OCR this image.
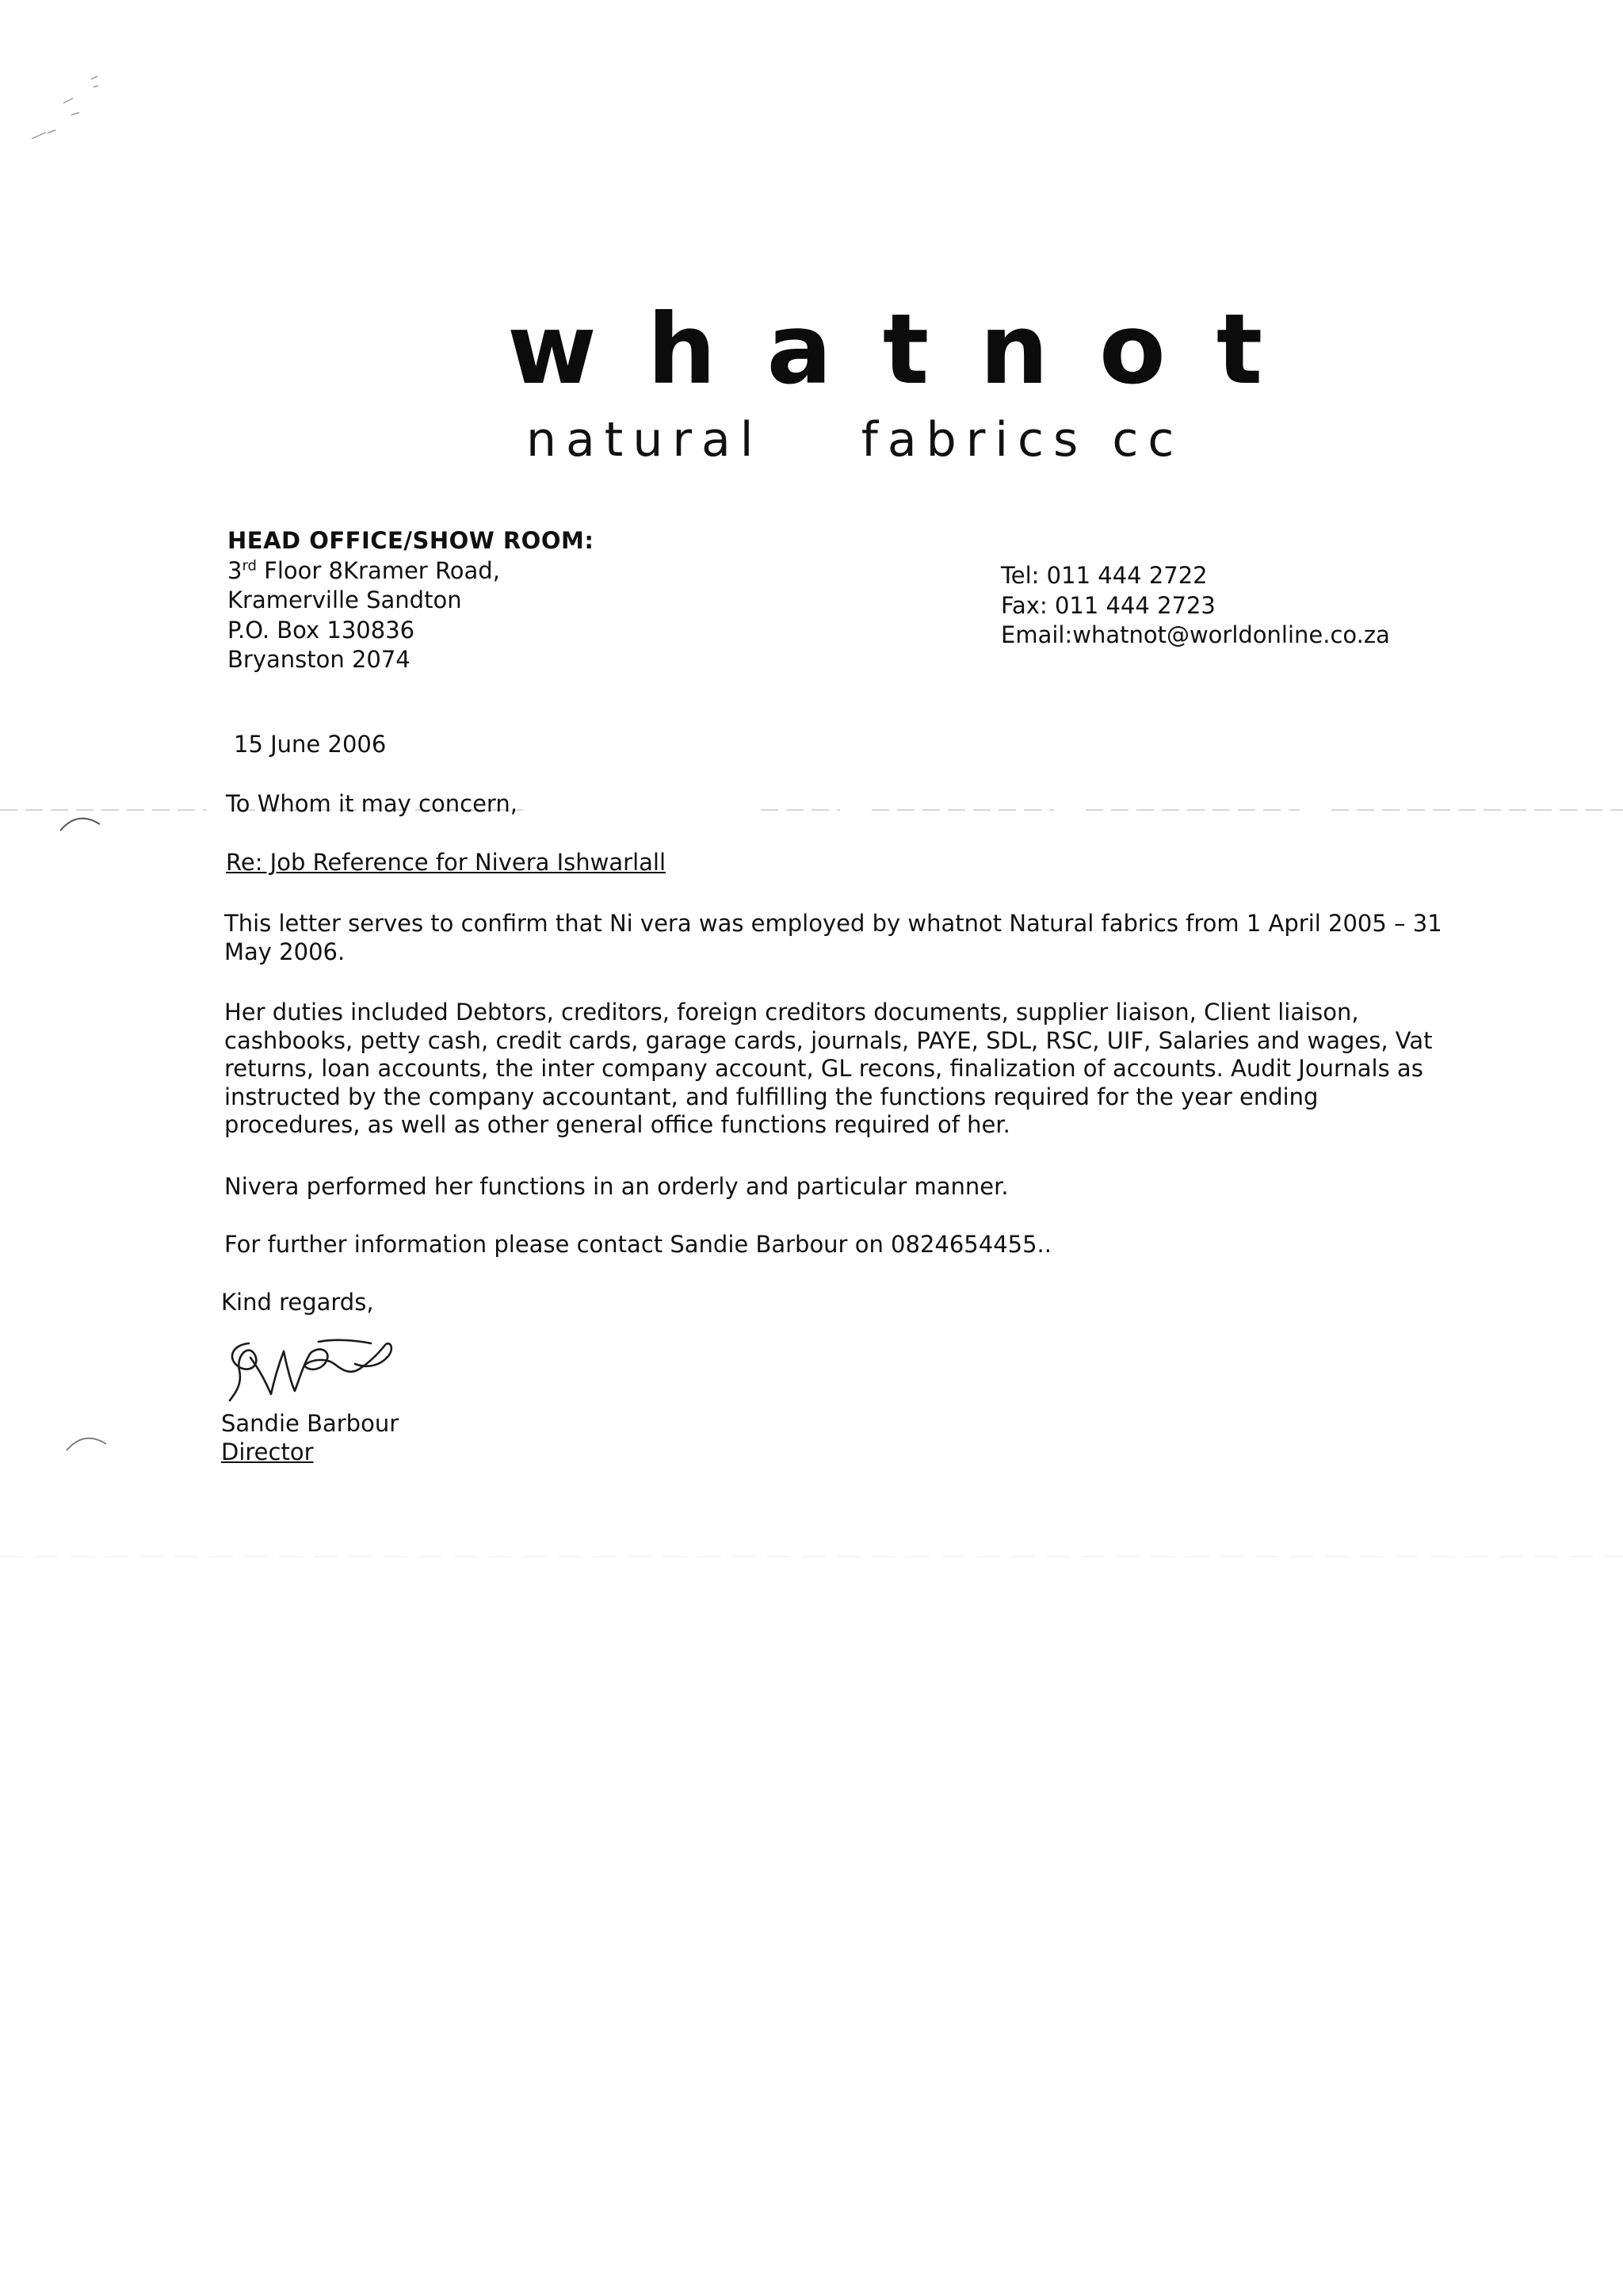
whatnot
natural    fabrics cc
HEAD OFFICE/SHOW ROOM:
3rd Floor 8Kramer Road,
Kramerville Sandton
P.O. Box 130836
Bryanston 2074
Tel: 011 444 2722
Fax: 011 444 2723
Email:whatnot@worldonline.co.za
15 June 2006
To Whom it may concern,
Re: Job Reference for Nivera Ishwarlall
This letter serves to confirm that Ni vera was employed by whatnot Natural fabrics from 1 April 2005 – 31 May 2006.
Her duties included Debtors, creditors, foreign creditors documents, supplier liaison, Client liaison, cashbooks, petty cash, credit cards, garage cards, journals, PAYE, SDL, RSC, UIF, Salaries and wages, Vat returns, loan accounts, the inter company account, GL recons, finalization of accounts. Audit Journals as instructed by the company accountant, and fulfilling the functions required for the year ending procedures, as well as other general office functions required of her.
Nivera performed her functions in an orderly and particular manner.
For further information please contact Sandie Barbour on 0824654455..
Kind regards,
Sandie Barbour
Director
